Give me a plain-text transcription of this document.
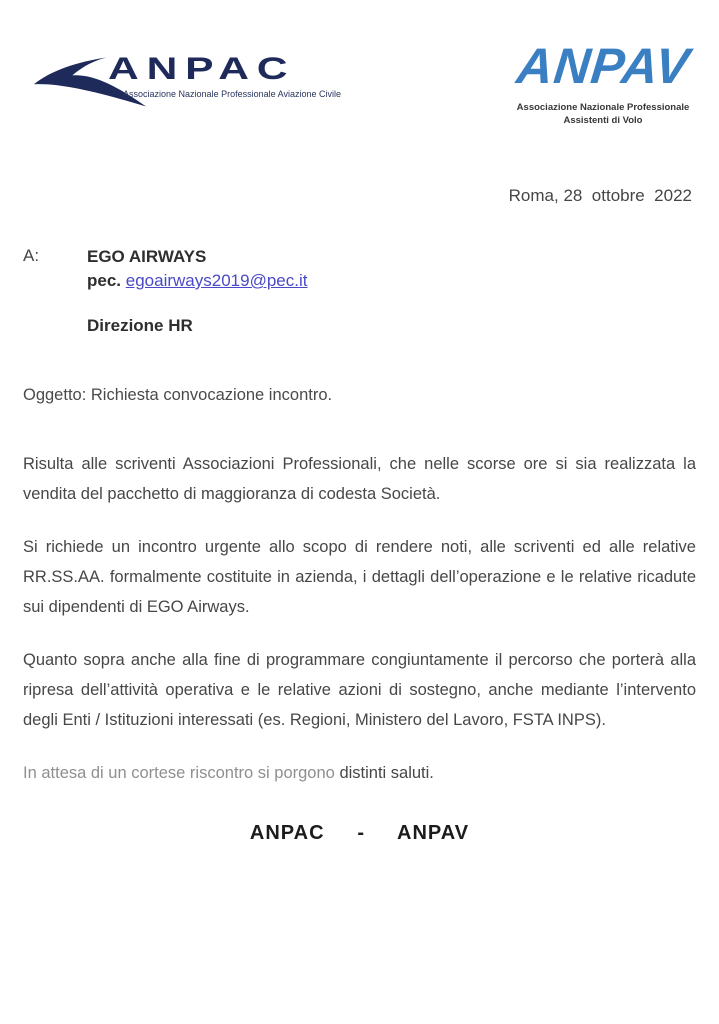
ANPAC
Associazione Nazionale Professionale Aviazione Civile	ANPAV
Associazione Nazionale Professionale
Assistenti di Volo
Roma, 28  ottobre  2022
A:	EGO AIRWAYS
pec. egoairways2019@pec.it
Direzione HR
Oggetto: Richiesta convocazione incontro.

Risulta alle scriventi Associazioni Professionali, che nelle scorse ore si sia realizzata la vendita del pacchetto di maggioranza di codesta Società.

Si richiede un incontro urgente allo scopo di rendere noti, alle scriventi ed alle relative RR.SS.AA. formalmente costituite in azienda, i dettagli dell’operazione e le relative ricadute sui dipendenti di EGO Airways.

Quanto sopra anche alla fine di programmare congiuntamente il percorso che porterà alla ripresa dell’attività operativa e le relative azioni di sostegno, anche mediante l’intervento degli Enti / Istituzioni interessati (es. Regioni, Ministero del Lavoro, FSTA INPS).

In attesa di un cortese riscontro si porgono distinti saluti.
ANPAC     -     ANPAV
